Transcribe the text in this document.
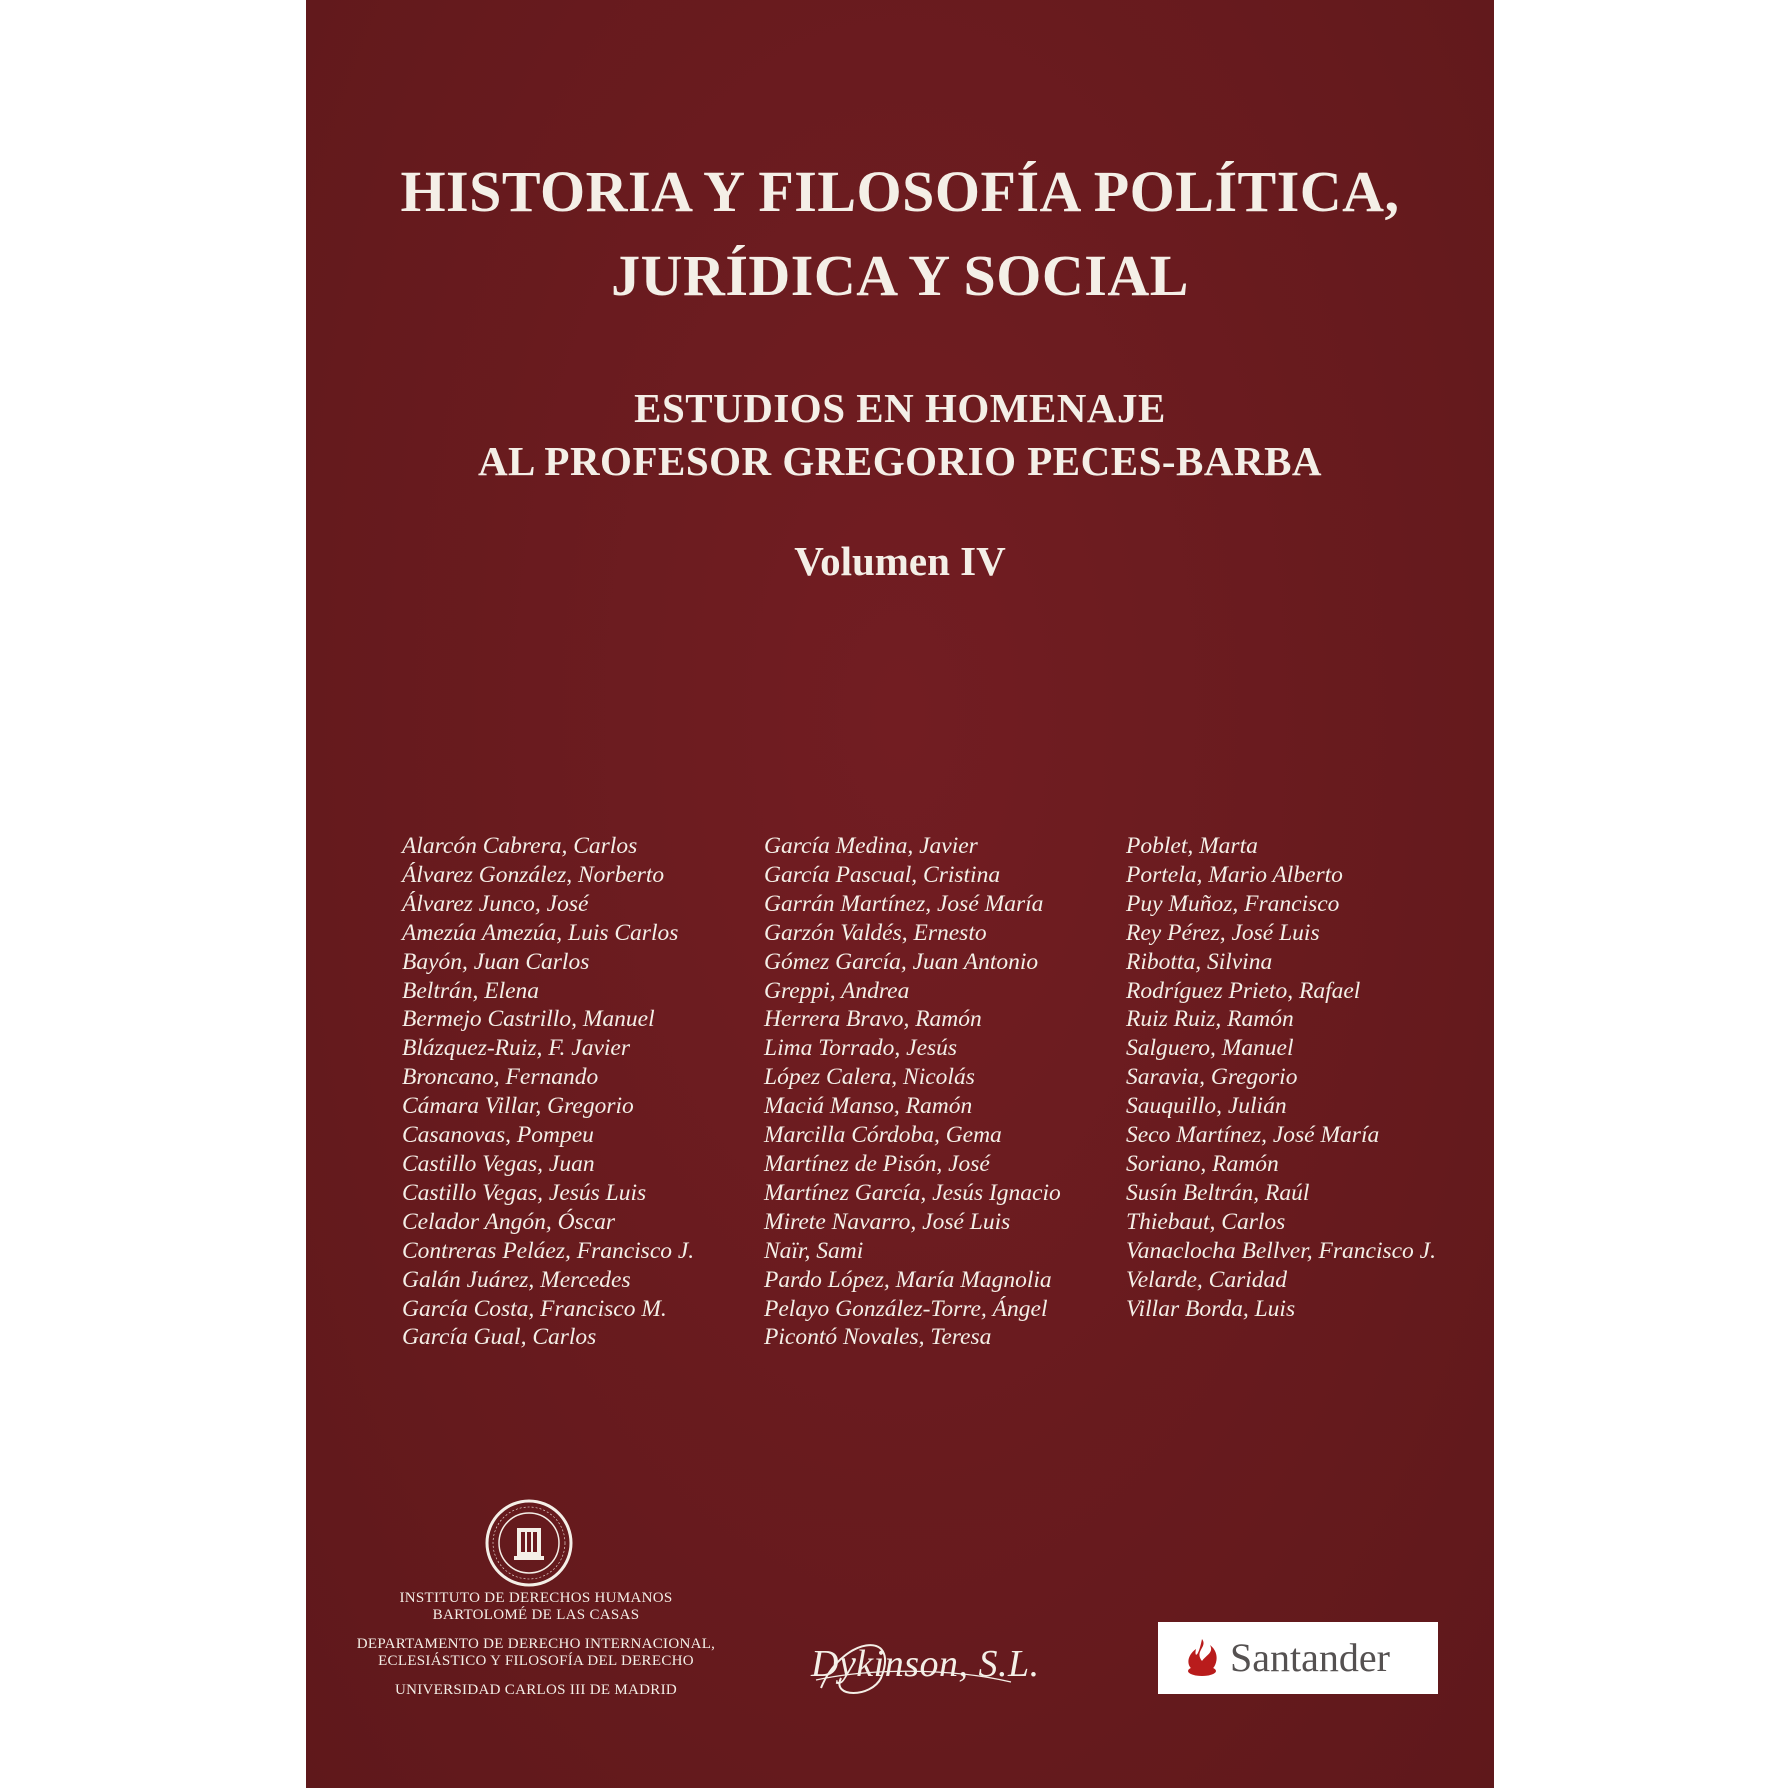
HISTORIA Y FILOSOFÍA POLÍTICA,
JURÍDICA Y SOCIAL
ESTUDIOS EN HOMENAJE
AL PROFESOR GREGORIO PECES-BARBA
Volumen IV
Alarcón Cabrera, Carlos
Álvarez González, Norberto
Álvarez Junco, José
Amezúa Amezúa, Luis Carlos
Bayón, Juan Carlos
Beltrán, Elena
Bermejo Castrillo, Manuel
Blázquez-Ruiz, F. Javier
Broncano, Fernando
Cámara Villar, Gregorio
Casanovas, Pompeu
Castillo Vegas, Juan
Castillo Vegas, Jesús Luis
Celador Angón, Óscar
Contreras Peláez, Francisco J.
Galán Juárez, Mercedes
García Costa, Francisco M.
García Gual, Carlos
García Medina, Javier
García Pascual, Cristina
Garrán Martínez, José María
Garzón Valdés, Ernesto
Gómez García, Juan Antonio
Greppi, Andrea
Herrera Bravo, Ramón
Lima Torrado, Jesús
López Calera, Nicolás
Maciá Manso, Ramón
Marcilla Córdoba, Gema
Martínez de Pisón, José
Martínez García, Jesús Ignacio
Mirete Navarro, José Luis
Naïr, Sami
Pardo López, María Magnolia
Pelayo González-Torre, Ángel
Picontó Novales, Teresa
Poblet, Marta
Portela, Mario Alberto
Puy Muñoz, Francisco
Rey Pérez, José Luis
Ribotta, Silvina
Rodríguez Prieto, Rafael
Ruiz Ruiz, Ramón
Salguero, Manuel
Saravia, Gregorio
Sauquillo, Julián
Seco Martínez, José María
Soriano, Ramón
Susín Beltrán, Raúl
Thiebaut, Carlos
Vanaclocha Bellver, Francisco J.
Velarde, Caridad
Villar Borda, Luis
INSTITUTO DE DERECHOS HUMANOS
BARTOLOMÉ DE LAS CASAS
DEPARTAMENTO DE DERECHO INTERNACIONAL,
ECLESIÁSTICO Y FILOSOFÍA DEL DERECHO
UNIVERSIDAD CARLOS III DE MADRID
Dykinson, S.L.	Santander
